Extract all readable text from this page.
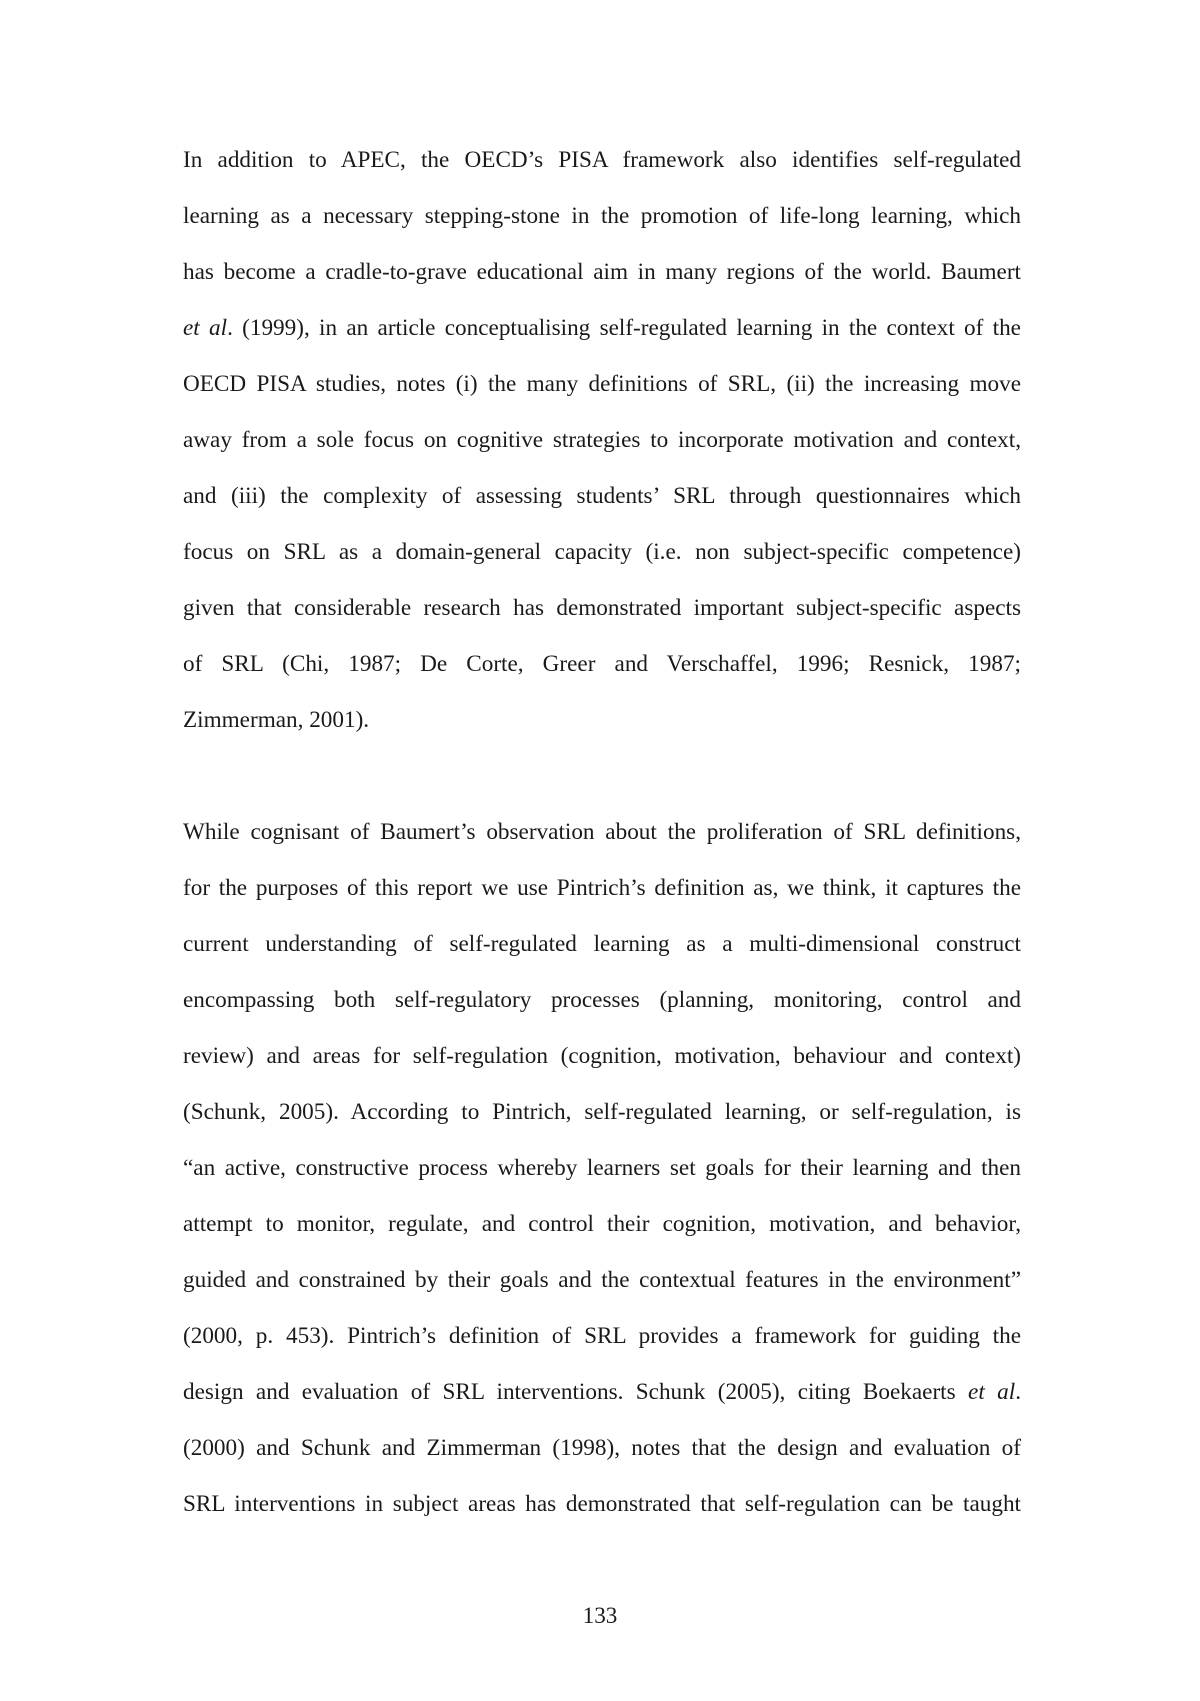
In addition to APEC, the OECD’s PISA framework also identifies self-regulated
learning as a necessary stepping-stone in the promotion of life-long learning, which
has become a cradle-to-grave educational aim in many regions of the world. Baumert
et al. (1999), in an article conceptualising self-regulated learning in the context of the
OECD PISA studies, notes (i) the many definitions of SRL, (ii) the increasing move
away from a sole focus on cognitive strategies to incorporate motivation and context,
and (iii) the complexity of assessing students’ SRL through questionnaires which
focus on SRL as a domain-general capacity (i.e. non subject-specific competence)
given that considerable research has demonstrated important subject-specific aspects
of SRL (Chi, 1987; De Corte, Greer and Verschaffel, 1996; Resnick, 1987;
Zimmerman, 2001).
While cognisant of Baumert’s observation about the proliferation of SRL definitions,
for the purposes of this report we use Pintrich’s definition as, we think, it captures the
current understanding of self-regulated learning as a multi-dimensional construct
encompassing both self-regulatory processes (planning, monitoring, control and
review) and areas for self-regulation (cognition, motivation, behaviour and context)
(Schunk, 2005). According to Pintrich, self-regulated learning, or self-regulation, is
“an active, constructive process whereby learners set goals for their learning and then
attempt to monitor, regulate, and control their cognition, motivation, and behavior,
guided and constrained by their goals and the contextual features in the environment”
(2000, p. 453). Pintrich’s definition of SRL provides a framework for guiding the
design and evaluation of SRL interventions. Schunk (2005), citing Boekaerts et al.
(2000) and Schunk and Zimmerman (1998), notes that the design and evaluation of
SRL interventions in subject areas has demonstrated that self-regulation can be taught
133
